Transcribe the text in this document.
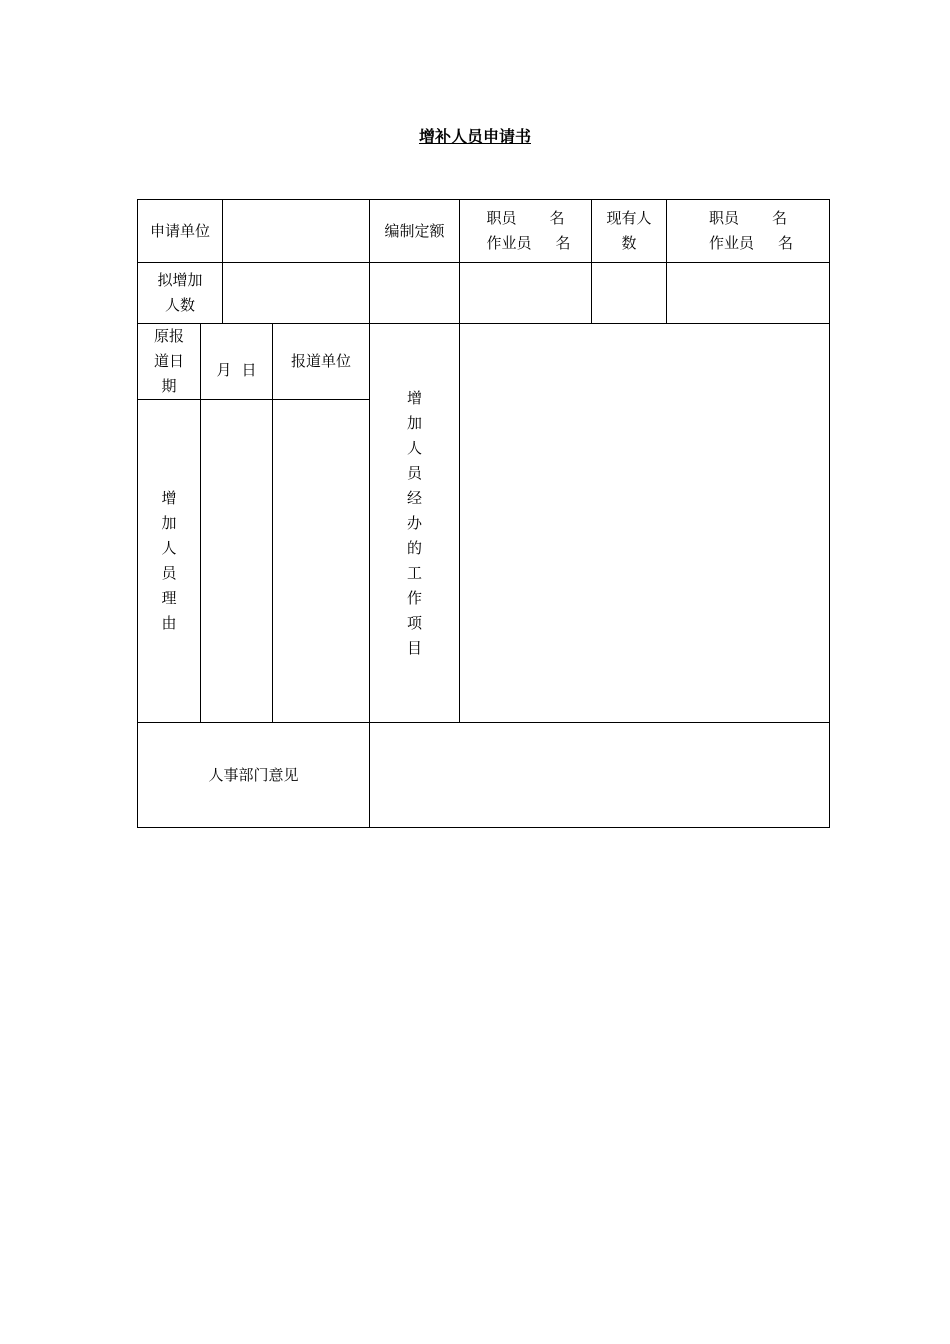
增补人员申请书
申请单位	编制定额
职员 名
作业员 名
现有人
数
职员 名
作业员 名
拟增加
人数
原报
道日
期
月 日 报道单位
增
加
人
员
理
由
增
加
人
员
经
办
的
工
作
项
目
人事部门意见
